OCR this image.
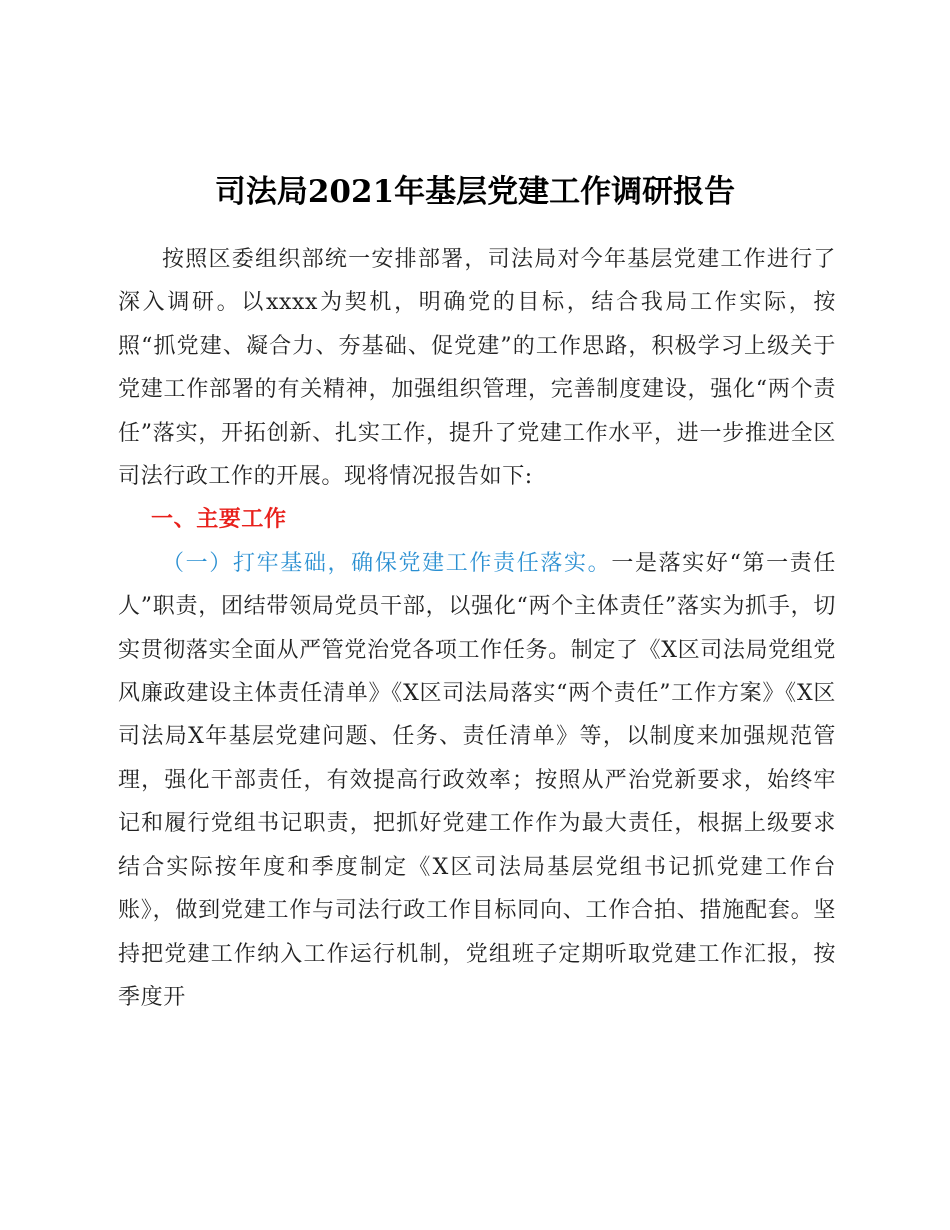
司法局2021年基层党建工作调研报告

按照区委组织部统一安排部署，司法局对今年基层党建工作进行了深入调研。以xxxx为契机，明确党的目标，结合我局工作实际，按照“抓党建、凝合力、夯基础、促党建”的工作思路，积极学习上级关于党建工作部署的有关精神，加强组织管理，完善制度建设，强化“两个责任”落实，开拓创新、扎实工作，提升了党建工作水平，进一步推进全区司法行政工作的开展。现将情况报告如下:

一、主要工作

（一）打牢基础，确保党建工作责任落实。一是落实好“第一责任人”职责，团结带领局党员干部，以强化“两个主体责任”落实为抓手，切实贯彻落实全面从严管党治党各项工作任务。制定了《X区司法局党组党风廉政建设主体责任清单》《X区司法局落实“两个责任”工作方案》《X区司法局X年基层党建问题、任务、责任清单》等，以制度来加强规范管理，强化干部责任，有效提高行政效率；按照从严治党新要求，始终牢记和履行党组书记职责，把抓好党建工作作为最大责任，根据上级要求结合实际按年度和季度制定《X区司法局基层党组书记抓党建工作台账》，做到党建工作与司法行政工作目标同向、工作合拍、措施配套。坚持把党建工作纳入工作运行机制，党组班子定期听取党建工作汇报，按季度开
